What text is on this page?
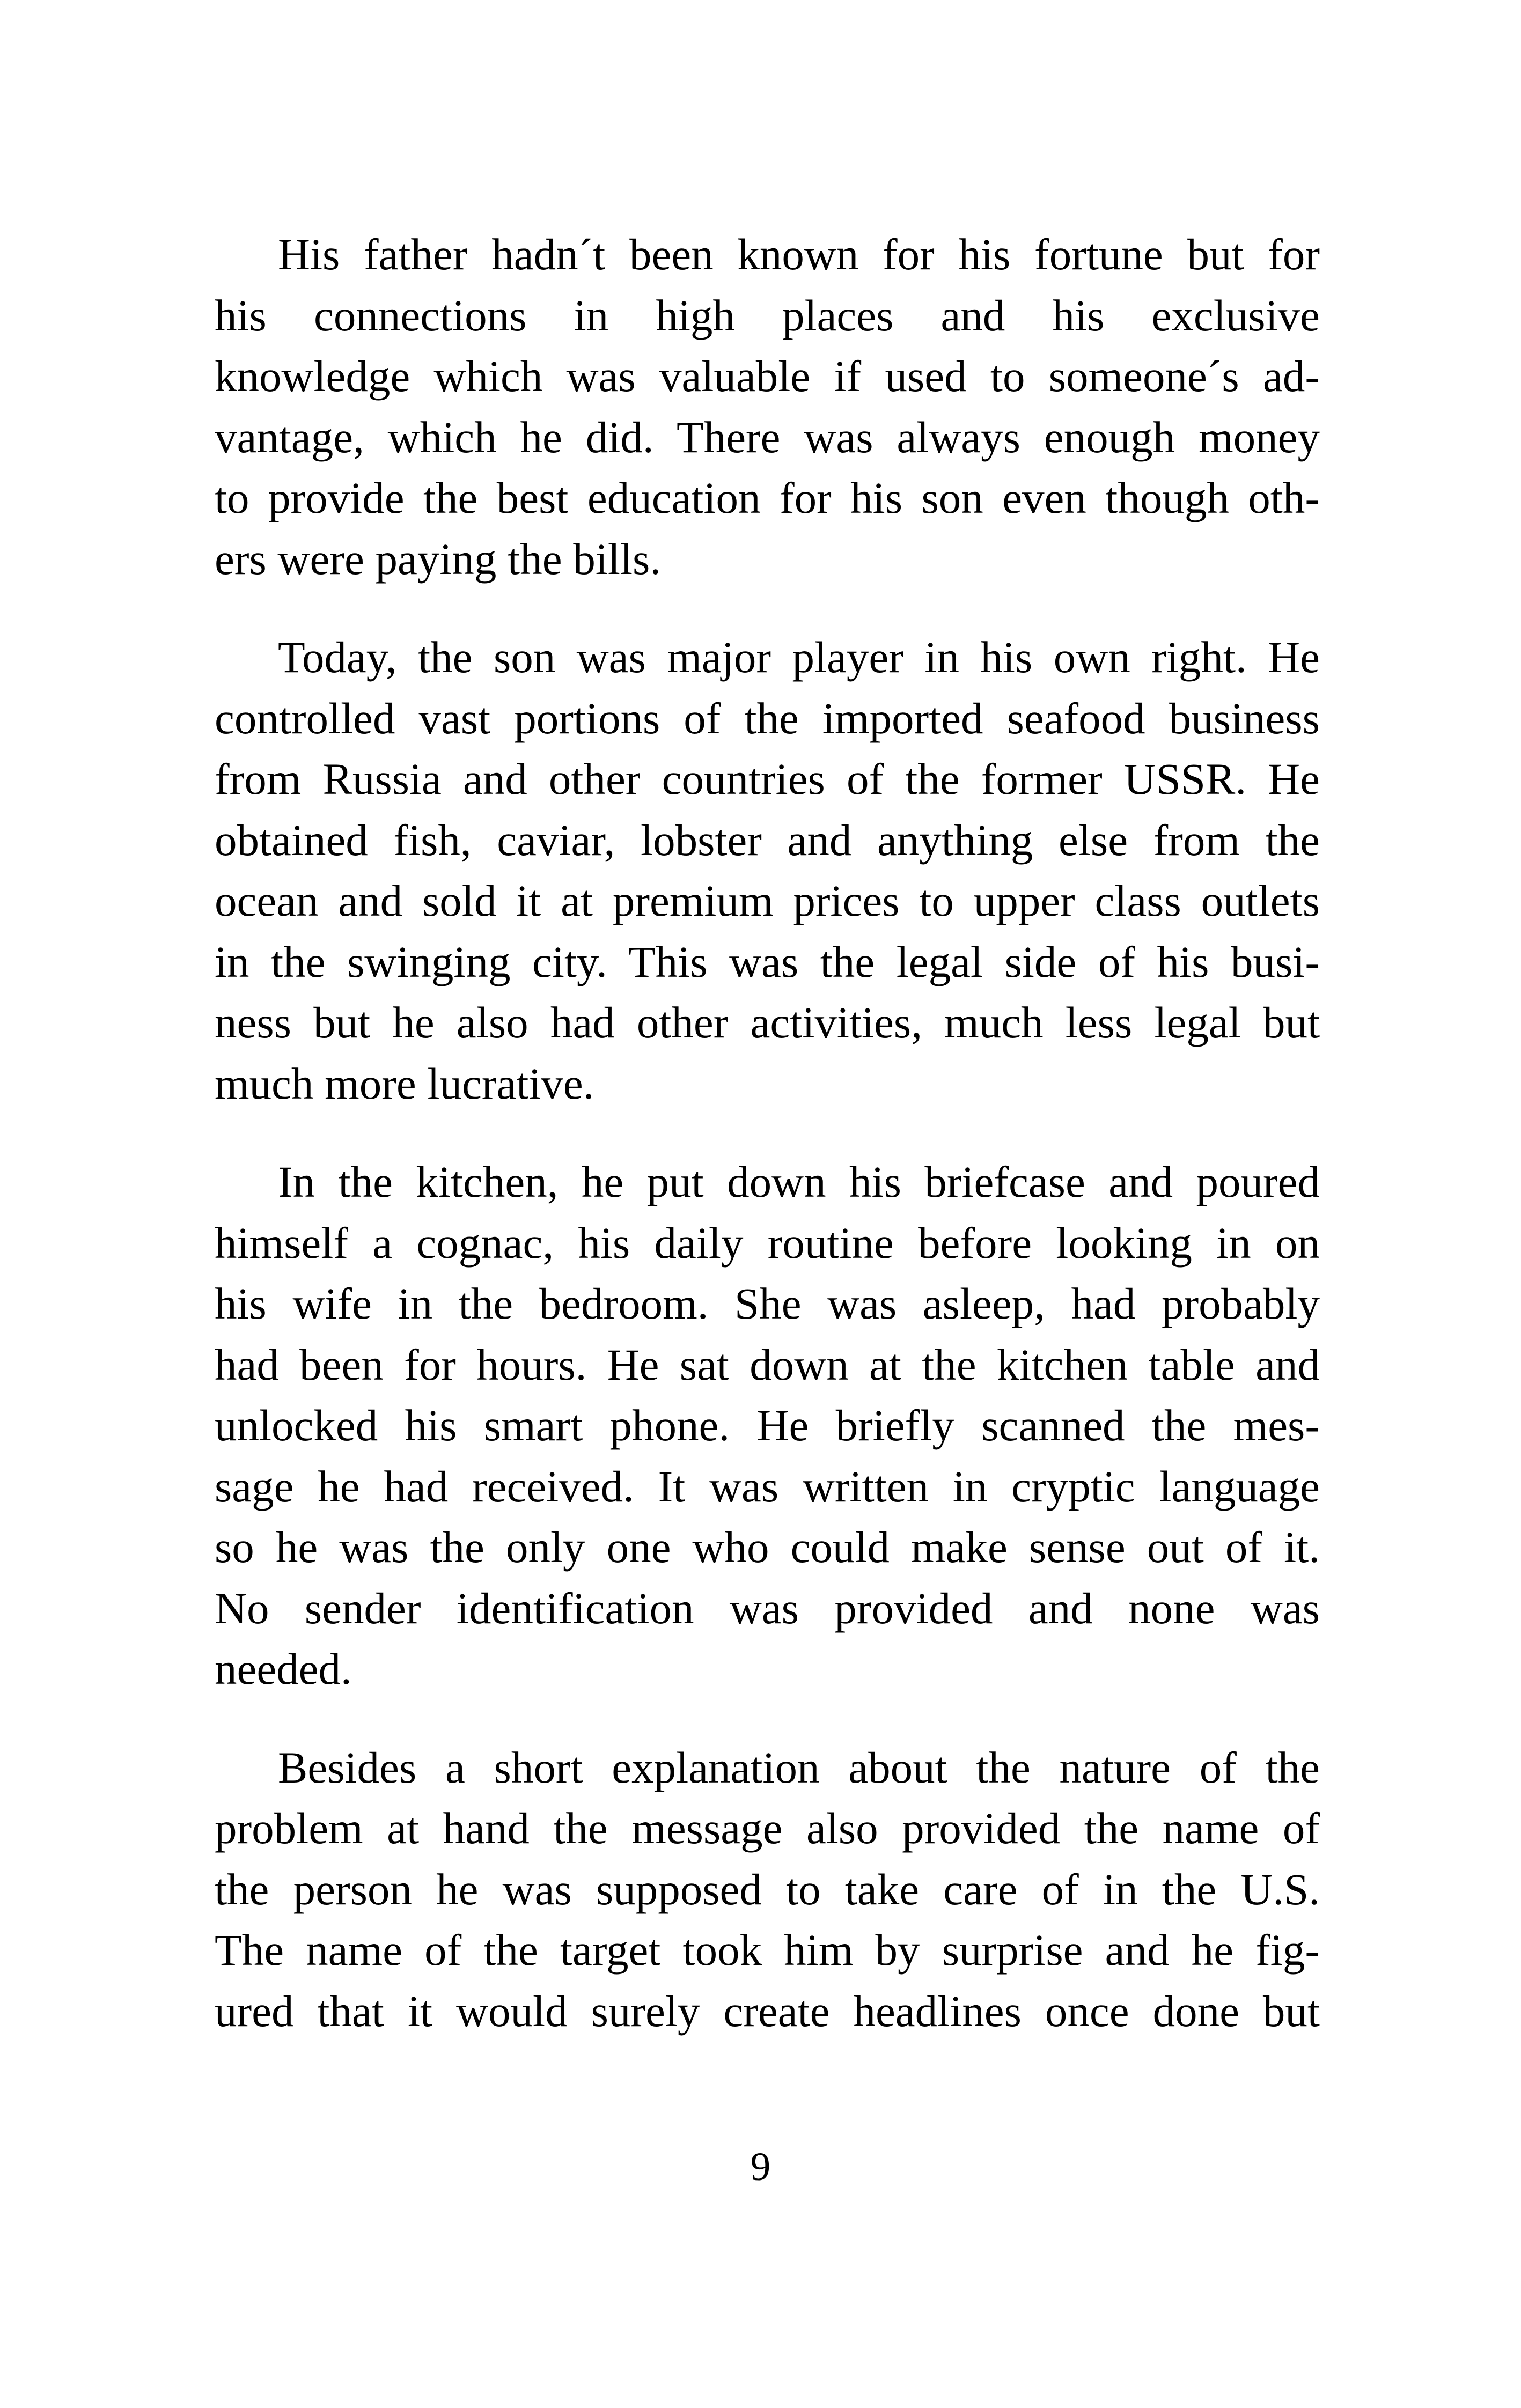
His father hadn´t been known for his fortune but for
his connections in high places and his exclusive
knowledge which was valuable if used to someone´s ad-
vantage, which he did. There was always enough money
to provide the best education for his son even though oth-
ers were paying the bills.
Today, the son was major player in his own right. He
controlled vast portions of the imported seafood business
from Russia and other countries of the former USSR. He
obtained fish, caviar, lobster and anything else from the
ocean and sold it at premium prices to upper class outlets
in the swinging city. This was the legal side of his busi-
ness but he also had other activities, much less legal but
much more lucrative.
In the kitchen, he put down his briefcase and poured
himself a cognac, his daily routine before looking in on
his wife in the bedroom. She was asleep, had probably
had been for hours. He sat down at the kitchen table and
unlocked his smart phone. He briefly scanned the mes-
sage he had received. It was written in cryptic language
so he was the only one who could make sense out of it.
No sender identification was provided and none was
needed.
Besides a short explanation about the nature of the
problem at hand the message also provided the name of
the person he was supposed to take care of in the U.S.
The name of the target took him by surprise and he fig-
ured that it would surely create headlines once done but
9
